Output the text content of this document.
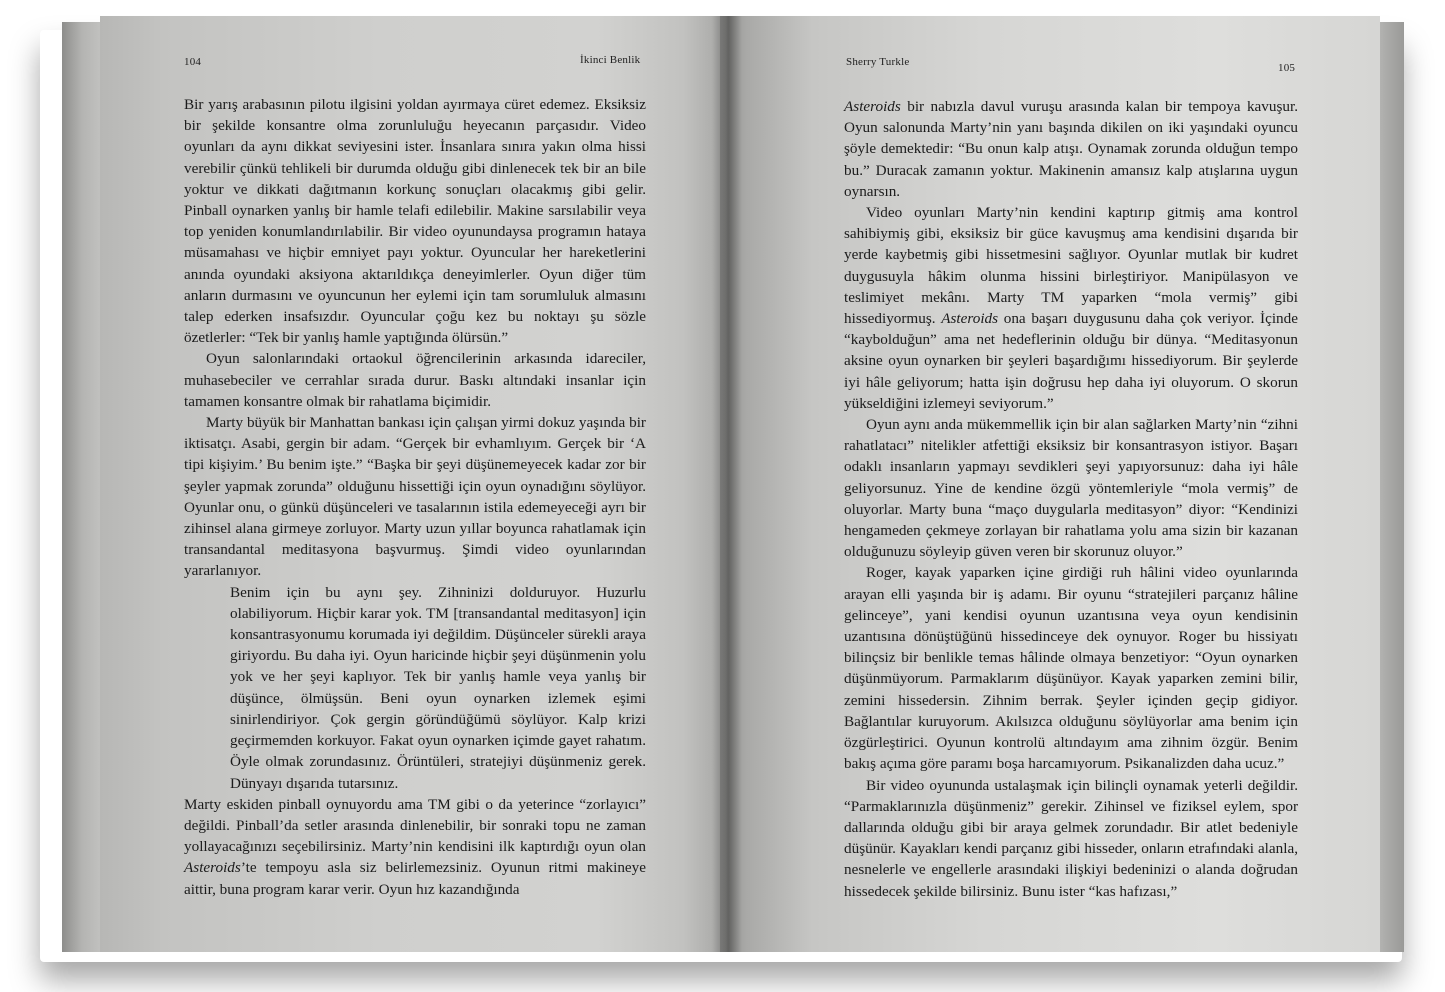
104	İkinci Benlik

Bir yarış arabasının pilotu ilgisini yoldan ayırmaya cüret edemez. Eksiksiz bir şekilde konsantre olma zorunluluğu heyecanın parçasıdır. Video oyunları da aynı dikkat seviyesini ister. İnsanlara sınıra yakın olma hissi verebilir çünkü tehlikeli bir durumda olduğu gibi dinlenecek tek bir an bile yoktur ve dikkati dağıtmanın korkunç sonuçları olacakmış gibi gelir. Pinball oynarken yanlış bir hamle telafi edilebilir. Makine sarsılabilir veya top yeniden konumlandırılabilir. Bir video oyunundaysa programın hataya müsamahası ve hiçbir emniyet payı yoktur. Oyuncular her hareketlerini anında oyundaki aksiyona aktarıldıkça deneyimlerler. Oyun diğer tüm anların durmasını ve oyuncunun her eylemi için tam sorumluluk almasını talep ederken insafsızdır. Oyuncular çoğu kez bu noktayı şu sözle özetlerler: “Tek bir yanlış hamle yaptığında ölürsün.”

Oyun salonlarındaki ortaokul öğrencilerinin arkasında idareciler, muhasebeciler ve cerrahlar sırada durur. Baskı altındaki insanlar için tamamen konsantre olmak bir rahatlama biçimidir.

Marty büyük bir Manhattan bankası için çalışan yirmi dokuz yaşında bir iktisatçı. Asabi, gergin bir adam. “Gerçek bir evhamlıyım. Gerçek bir ‘A tipi kişiyim.’ Bu benim işte.” “Başka bir şeyi düşünemeyecek kadar zor bir şeyler yapmak zorunda” olduğunu hissettiği için oyun oynadığını söylüyor. Oyunlar onu, o günkü düşünceleri ve tasalarının istila edemeyeceği ayrı bir zihinsel alana girmeye zorluyor. Marty uzun yıllar boyunca rahatlamak için transandantal meditasyona başvurmuş. Şimdi video oyunlarından yararlanıyor.

Benim için bu aynı şey. Zihninizi dolduruyor. Huzurlu olabiliyorum. Hiçbir karar yok. TM [transandantal meditasyon] için konsantrasyonumu korumada iyi değildim. Düşünceler sürekli araya giriyordu. Bu daha iyi. Oyun haricinde hiçbir şeyi düşünmenin yolu yok ve her şeyi kaplıyor. Tek bir yanlış hamle veya yanlış bir düşünce, ölmüşsün. Beni oyun oynarken izlemek eşimi sinirlendiriyor. Çok gergin göründüğümü söylüyor. Kalp krizi geçirmemden korkuyor. Fakat oyun oynarken içimde gayet rahatım. Öyle olmak zorundasınız. Örüntüleri, stratejiyi düşünmeniz gerek. Dünyayı dışarıda tutarsınız.

Marty eskiden pinball oynuyordu ama TM gibi o da yeterince “zorlayıcı” değildi. Pinball’da setler arasında dinlenebilir, bir sonraki topu ne zaman yollayacağınızı seçebilirsiniz. Marty’nin kendisini ilk kaptırdığı oyun olan Asteroids’te tempoyu asla siz belirlemezsiniz. Oyunun ritmi makineye aittir, buna program karar verir. Oyun hız kazandığında

Sherry Turkle	105

Asteroids bir nabızla davul vuruşu arasında kalan bir tempoya kavuşur. Oyun salonunda Marty’nin yanı başında dikilen on iki yaşındaki oyuncu şöyle demektedir: “Bu onun kalp atışı. Oynamak zorunda olduğun tempo bu.” Duracak zamanın yoktur. Makinenin amansız kalp atışlarına uygun oynarsın.

Video oyunları Marty’nin kendini kaptırıp gitmiş ama kontrol sahibiymiş gibi, eksiksiz bir güce kavuşmuş ama kendisini dışarıda bir yerde kaybetmiş gibi hissetmesini sağlıyor. Oyunlar mutlak bir kudret duygusuyla hâkim olunma hissini birleştiriyor. Manipülasyon ve teslimiyet mekânı. Marty TM yaparken “mola vermiş” gibi hissediyormuş. Asteroids ona başarı duygusunu daha çok veriyor. İçinde “kaybolduğun” ama net hedeflerinin olduğu bir dünya. “Meditasyonun aksine oyun oynarken bir şeyleri başardığımı hissediyorum. Bir şeylerde iyi hâle geliyorum; hatta işin doğrusu hep daha iyi oluyorum. O skorun yükseldiğini izlemeyi seviyorum.”

Oyun aynı anda mükemmellik için bir alan sağlarken Marty’nin “zihni rahatlatacı” nitelikler atfettiği eksiksiz bir konsantrasyon istiyor. Başarı odaklı insanların yapmayı sevdikleri şeyi yapıyorsunuz: daha iyi hâle geliyorsunuz. Yine de kendine özgü yöntemleriyle “mola vermiş” de oluyorlar. Marty buna “maço duygularla meditasyon” diyor: “Kendinizi hengameden çekmeye zorlayan bir rahatlama yolu ama sizin bir kazanan olduğunuzu söyleyip güven veren bir skorunuz oluyor.”

Roger, kayak yaparken içine girdiği ruh hâlini video oyunlarında arayan elli yaşında bir iş adamı. Bir oyunu “stratejileri parçanız hâline gelinceye”, yani kendisi oyunun uzantısına veya oyun kendisinin uzantısına dönüştüğünü hissedinceye dek oynuyor. Roger bu hissiyatı bilinçsiz bir benlikle temas hâlinde olmaya benzetiyor: “Oyun oynarken düşünmüyorum. Parmaklarım düşünüyor. Kayak yaparken zemini bilir, zemini hissedersin. Zihnim berrak. Şeyler içinden geçip gidiyor. Bağlantılar kuruyorum. Akılsızca olduğunu söylüyorlar ama benim için özgürleştirici. Oyunun kontrolü altındayım ama zihnim özgür. Benim bakış açıma göre paramı boşa harcamıyorum. Psikanalizden daha ucuz.”

Bir video oyununda ustalaşmak için bilinçli oynamak yeterli değildir. “Parmaklarınızla düşünmeniz” gerekir. Zihinsel ve fiziksel eylem, spor dallarında olduğu gibi bir araya gelmek zorundadır. Bir atlet bedeniyle düşünür. Kayakları kendi parçanız gibi hisseder, onların etrafındaki alanla, nesnelerle ve engellerle arasındaki ilişkiyi bedeninizi o alanda doğrudan hissedecek şekilde bilirsiniz. Bunu ister “kas hafızası,”
